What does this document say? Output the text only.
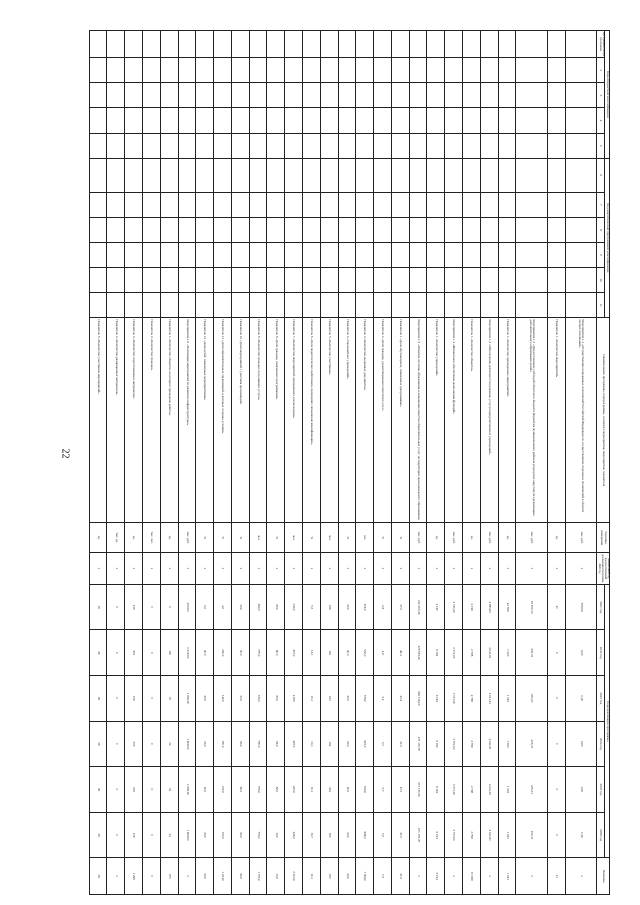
22
Коды бюджетной классификации					Код аналитической программной классификации						Наименование программы, подпрограммы, основного мероприятия, мероприятия, показателя	Единица измерения	Финансовый год, предшествующий реализации программы, 2020 год	Годы реализации программы						Значение
код администратора программы	2	3	4	5	6	7	8	9	10	11				2021 год	2022 год	2023 год	2024 год	2025 год	2026 год	
											Мероприятие 1.1 «Осуществление переданных полномочий Российской Федерации по осуществлению отдельных полномочий в области лесных отношений»	тыс. руб.	х	676,09	0,00	0,00	0,00	0,00	0,00	х
											Показатель 1 «Количество мероприятий»	ед.	х	41	0	0	0	0	0	41
											Мероприятие 1.2 «Предоставление субсидий областного бюджета бюджетам муниципальных районов (городских округов) на организацию дополнительного образования детей»	тыс. руб.	х	18 875,73	235,31	235,31	235,31	235,31	235,31	х
											Показатель 1 «Количество проведенных мероприятий»	ед.	х	22 566	1 523	1 523	1 523	1 523	1 523	1 523
											Мероприятие 1.3 «Обеспечение деятельности (оказание услуг) подведомственных учреждений»	тыс. руб.	х	2 895,83	4 041,81	4 041,81	4 041,81	4 041,81	4 041,81	х
											Показатель 1 «Количество объектов»	ед.	х	2 199	2 798	2 798	2 798	2 798	2 798	15 098
											Мероприятие 1.4 «Финансовое обеспечение выполнения функций»	тыс. руб.	х	2 570,30	3 571,00	3 571,00	3 571,00	3 571,00	3 571,00	х
											Показатель 1 «Количество учреждений»	ед.	х	4 190	6 194	6 194	6 194	6 194	6 194	6 194
											Мероприятие 1.5 «Развитие системы образования и повышение качества образовательных услуг на территории муниципального образования»	тыс. руб.	х	210 507,29	279 653,00	282 716,00	271 170,70	271 170,70	271 170,70	х
											Показатель 1 «Доля обучающихся, охваченных программами»	%	х	37,5	46,4	45,4	47,3	47,3	47,3	47,3
											Показатель 2 «Доля граждан, удовлетворенных качеством услуг»	%	х	2,6	4,9	5,2	5,7	5,7	5,5	5,7
											Показатель 3 «Количество выданных документов»	шт.	х	452,0	532,0	576,0	616,0	616,0	999,0	1 599,0
											Показатель 4 «Удельный вес учреждений»	%	х	20,0	20,0	20,0	20,0	20,0	20,0	20,0
											Показатель 5 «Количество участников»	чел.	х	168	161	163	164	164	165	165
											Показатель 6 «Доля педагогических работников, прошедших повышение квалификации»	%	х	5,5	12,1	10,1	10,1	10,1	10,7	10,1
											Показатель 7 «Количество мероприятий, проведенных для молодежи»	чел.	х	340,0	407,0	419,0	425,0	425,0	428,0	2 103,0
											Показатель 8 «Доля граждан, охваченных программами»	%	х	80,0	80,0	80,0	82,0	82,0	10,0	15,0
											Показатель 9 «Количество граждан, получивших услуги»	чел.	х	460,0	770,0	730,0	750,0	750,0	750,0	1 570,0
											Показатель 10 «Доля мероприятий с участием организаций»	%	х	50,0	50,0	50,0	90,0	90,0	90,0	90,0
											Показатель 11 «Доля образовательных организаций, в которых созданы условия»	%	х	4,0	430,0	140,0	150,0	150,0	150,0	1 474,0
											Показатель 12 «Доля детей, охваченных мероприятиями»	%	х	0,0	20,0	20,0	20,0	20,0	20,0	20,0
											Мероприятие 1.6 «Реализация мероприятий по развитию инфраструктуры»	тыс. руб.	х	250,00	5 318,00	1 863,00	1 808,00	1 808,00	1 808,00	х
											Показатель 1 «Количество объектов, на которых проведены работы»	ед.	х	0	100	35	34	34	34	275
											Показатель 2 «Количество граждан»	тыс. чел.	х	0	0	0	0	0	0	0
											Показатель 3 «Количество подготовленных материалов»	ед.	х	216	216	216	216	216	216	1 296
											Показатель 4 «Количество размещенных материалов»	тыс. ед.	х	0	0	0	0	0	0	х
											Показатель 5 «Количество участников мероприятий»	ед.	х	38	38	38	38	38	38	38
